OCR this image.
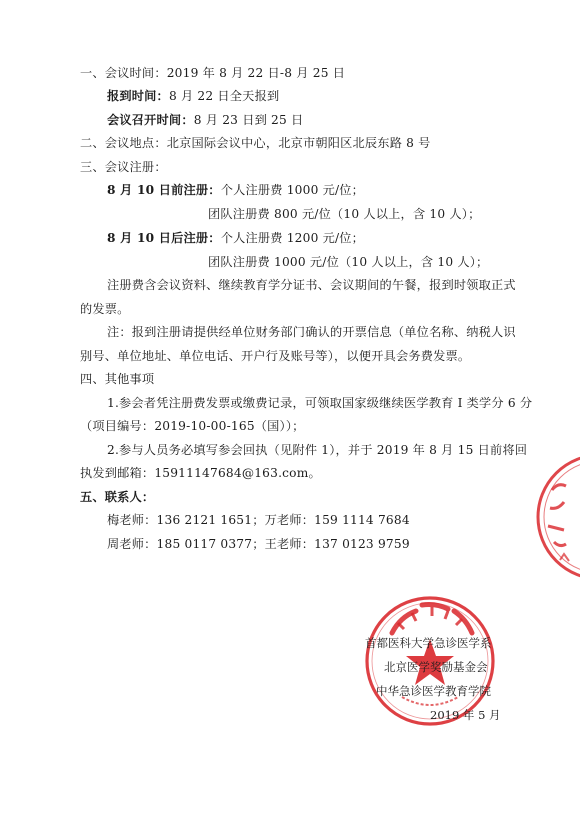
一、会议时间：2019 年 8 月 22 日-8 月 25 日
报到时间：8 月 22 日全天报到
会议召开时间：8 月 23 日到 25 日
二、会议地点：北京国际会议中心，北京市朝阳区北辰东路 8 号
三、会议注册：
8 月 10 日前注册：个人注册费 1000 元/位；
团队注册费 800 元/位（10 人以上，含 10 人）；
8 月 10 日后注册：个人注册费 1200 元/位；
团队注册费 1000 元/位（10 人以上，含 10 人）；
注册费含会议资料、继续教育学分证书、会议期间的午餐，报到时领取正式
的发票。
注：报到注册请提供经单位财务部门确认的开票信息（单位名称、纳税人识
别号、单位地址、单位电话、开户行及账号等），以便开具会务费发票。
四、其他事项
1.参会者凭注册费发票或缴费记录，可领取国家级继续医学教育 I 类学分 6 分
（项目编号：2019-10-00-165（国））；
2.参与人员务必填写参会回执（见附件 1），并于 2019 年 8 月 15 日前将回
执发到邮箱：15911147684@163.com。
五、联系人：
梅老师：136 2121 1651；万老师：159 1114 7684
周老师：185 0117 0377；王老师：137 0123 9759
首都医科大学急诊医学系
北京医学奖励基金会
中华急诊医学教育学院
2019 年 5 月
